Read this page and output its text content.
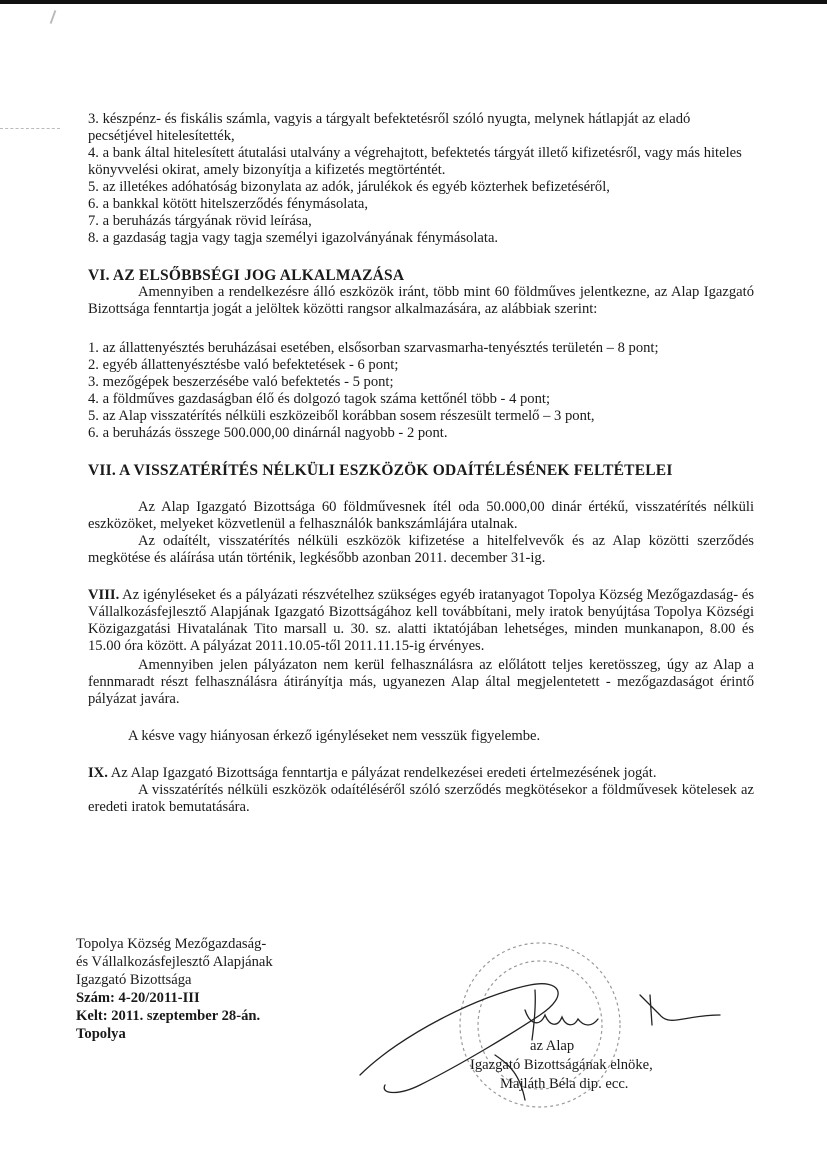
3. készpénz- és fiskális számla, vagyis a tárgyalt befektetésről szóló nyugta, melynek hátlapját az eladó pecsétjével hitelesítették,
4. a bank által hitelesített átutalási utalvány a végrehajtott, befektetés tárgyát illető kifizetésről, vagy más hiteles könyvvelési okirat, amely bizonyítja a kifizetés megtörténtét.
5. az illetékes adóhatóság bizonylata az adók, járulékok és egyéb közterhek befizetéséről,
6. a bankkal kötött hitelszerződés fénymásolata,
7. a beruházás tárgyának rövid leírása,
8. a gazdaság tagja vagy tagja személyi igazolványának fénymásolata.
VI. AZ ELSŐBBSÉGI JOG ALKALMAZÁSA

Amennyiben a rendelkezésre álló eszközök iránt, több mint 60 földműves jelentkezne, az Alap Igazgató Bizottsága fenntartja jogát a jelöltek közötti rangsor alkalmazására, az alábbiak szerint:

1. az állattenyésztés beruházásai esetében, elsősorban szarvasmarha-tenyésztés területén – 8 pont;
2. egyéb állattenyésztésbe való befektetések - 6 pont;
3. mezőgépek beszerzésébe való befektetés - 5 pont;
4. a földműves gazdaságban élő és dolgozó tagok száma kettőnél több - 4 pont;
5. az Alap visszatérítés nélküli eszközeiből korábban sosem részesült termelő – 3 pont,
6. a beruházás összege 500.000,00 dinárnál nagyobb - 2 pont.
VII. A VISSZATÉRÍTÉS NÉLKÜLI ESZKÖZÖK ODAÍTÉLÉSÉNEK FELTÉTELEI

Az Alap Igazgató Bizottsága 60 földművesnek ítél oda 50.000,00 dinár értékű, visszatérítés nélküli eszközöket, melyeket közvetlenül a felhasználók bankszámlájára utalnak.

Az odaítélt, visszatérítés nélküli eszközök kifizetése a hitelfelvevők és az Alap közötti szerződés megkötése és aláírása után történik, legkésőbb azonban 2011. december 31-ig.

VIII. Az igényléseket és a pályázati részvételhez szükséges egyéb iratanyagot Topolya Község Mezőgazdaság- és Vállalkozásfejlesztő Alapjának Igazgató Bizottságához kell továbbítani, mely iratok benyújtása Topolya Községi Közigazgatási Hivatalának Tito marsall u. 30. sz. alatti iktatójában lehetséges, minden munkanapon, 8.00 és 15.00 óra között. A pályázat 2011.10.05-től 2011.11.15-ig érvényes.

Amennyiben jelen pályázaton nem kerül felhasználásra az előlátott teljes keretösszeg, úgy az Alap a fennmaradt részt felhasználásra átirányítja más, ugyanezen Alap által megjelentetett - mezőgazdaságot érintő pályázat javára.

A késve vagy hiányosan érkező igényléseket nem vesszük figyelembe.

IX. Az Alap Igazgató Bizottsága fenntartja e pályázat rendelkezései eredeti értelmezésének jogát.

A visszatérítés nélküli eszközök odaítéléséről szóló szerződés megkötésekor a földművesek kötelesek az eredeti iratok bemutatására.

Topolya Község Mezőgazdaság-
és Vállalkozásfejlesztő Alapjának
Igazgató Bizottsága
Szám: 4-20/2011-III
Kelt: 2011. szeptember 28-án.
Topolya
az Alap
Igazgató Bizottságának elnöke,
Majláth Béla dip. ecc.
